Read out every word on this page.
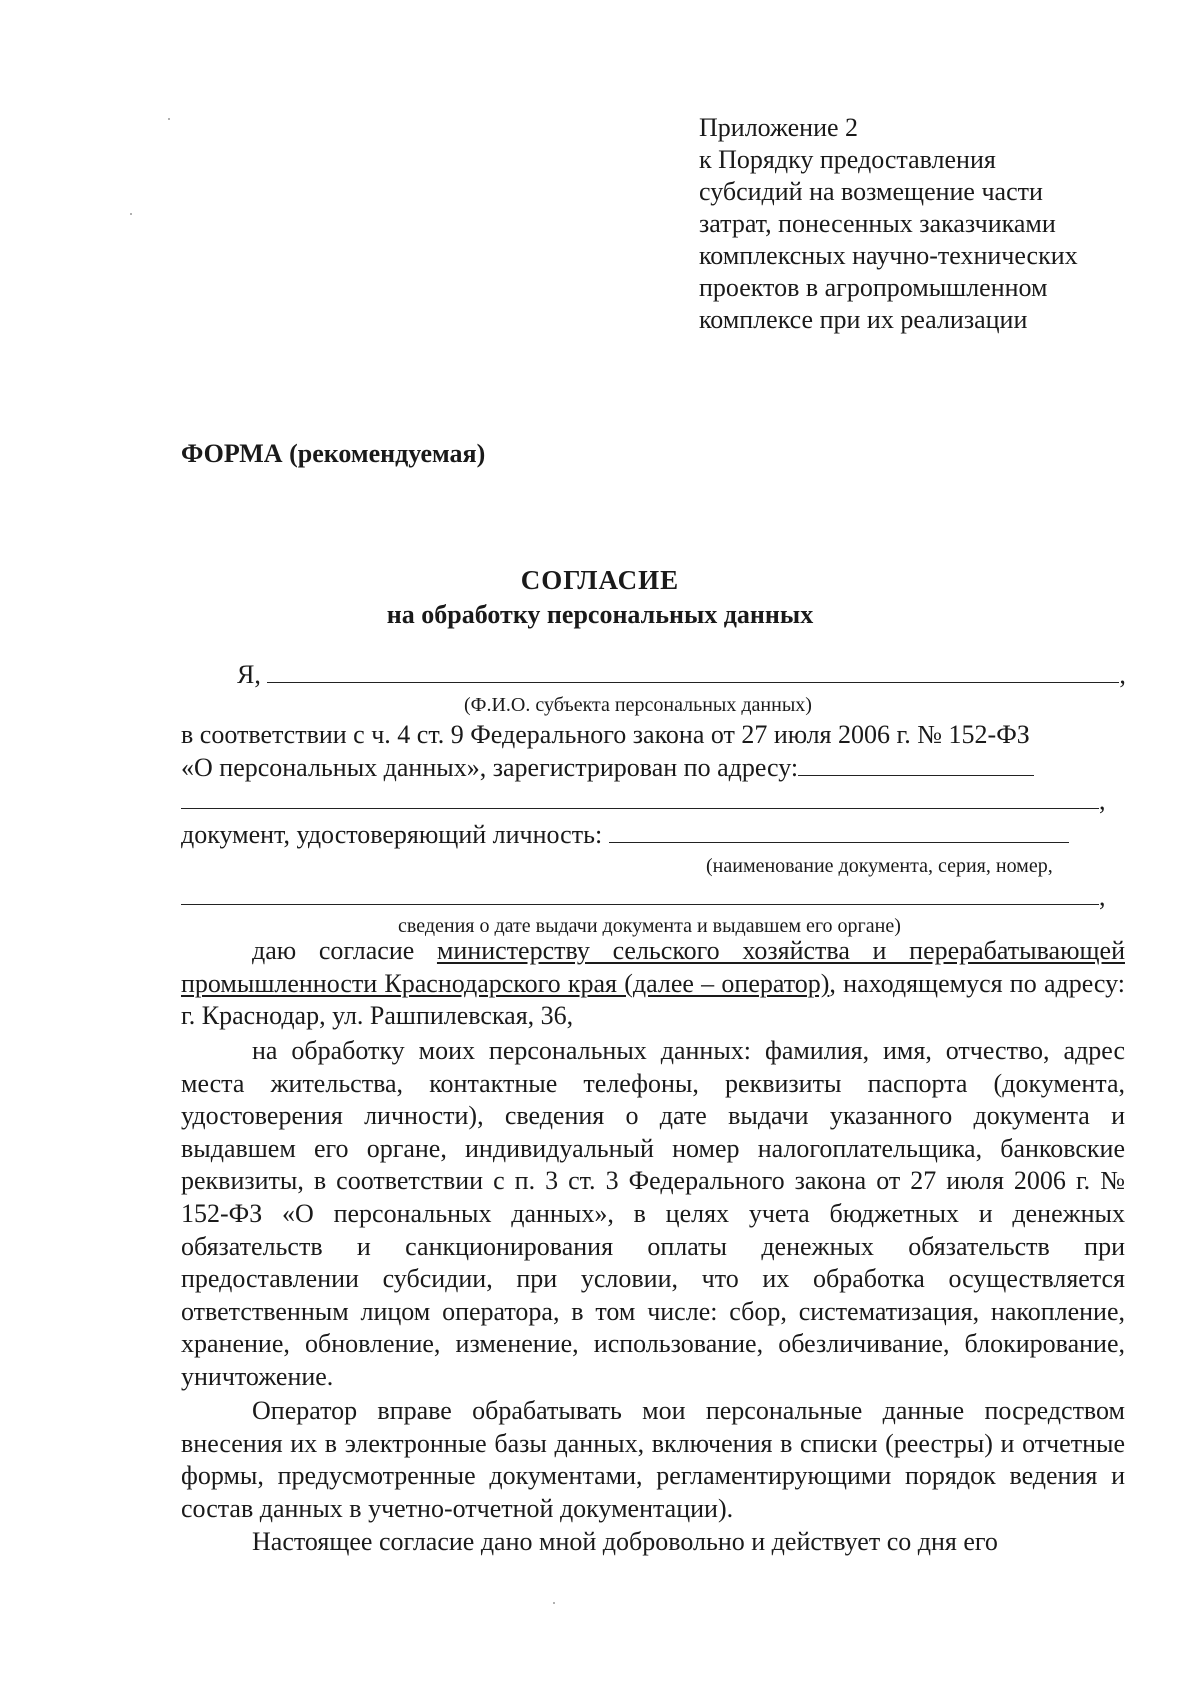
Приложение 2
к Порядку предоставления
субсидий на возмещение части
затрат, понесенных заказчиками
комплексных научно-технических
проектов в агропромышленном
комплексе при их реализации
ФОРМА (рекомендуемая)
СОГЛАСИЕ
на обработку персональных данных
Я,	,
(Ф.И.О. субъекта персональных данных)
в соответствии с ч. 4 ст. 9 Федерального закона от 27 июля 2006 г. № 152-ФЗ
«О персональных данных», зарегистрирован по адресу:
,
документ, удостоверяющий личность:
(наименование документа, серия, номер,
,
сведения о дате выдачи документа и выдавшем его органе)

даю согласие министерству сельского хозяйства и перерабатывающей промышленности Краснодарского края (далее – оператор), находящемуся по адресу: г. Краснодар, ул. Рашпилевская, 36,

на обработку моих персональных данных: фамилия, имя, отчество, адрес места жительства, контактные телефоны, реквизиты паспорта (документа, удостоверения личности), сведения о дате выдачи указанного документа и выдавшем его органе, индивидуальный номер налогоплательщика, банковские реквизиты, в соответствии с п. 3 ст. 3 Федерального закона от 27 июля 2006 г. № 152-ФЗ «О персональных данных», в целях учета бюджетных и денежных обязательств и санкционирования оплаты денежных обязательств при предоставлении субсидии, при условии, что их обработка осуществляется ответственным лицом оператора, в том числе: сбор, систематизация, накопление, хранение, обновление, изменение, использование, обезличивание, блокирование, уничтожение.

Оператор вправе обрабатывать мои персональные данные посредством внесения их в электронные базы данных, включения в списки (реестры) и отчетные формы, предусмотренные документами, регламентирующими порядок ведения и состав данных в учетно-отчетной документации).

Настоящее согласие дано мной добровольно и действует со дня его
